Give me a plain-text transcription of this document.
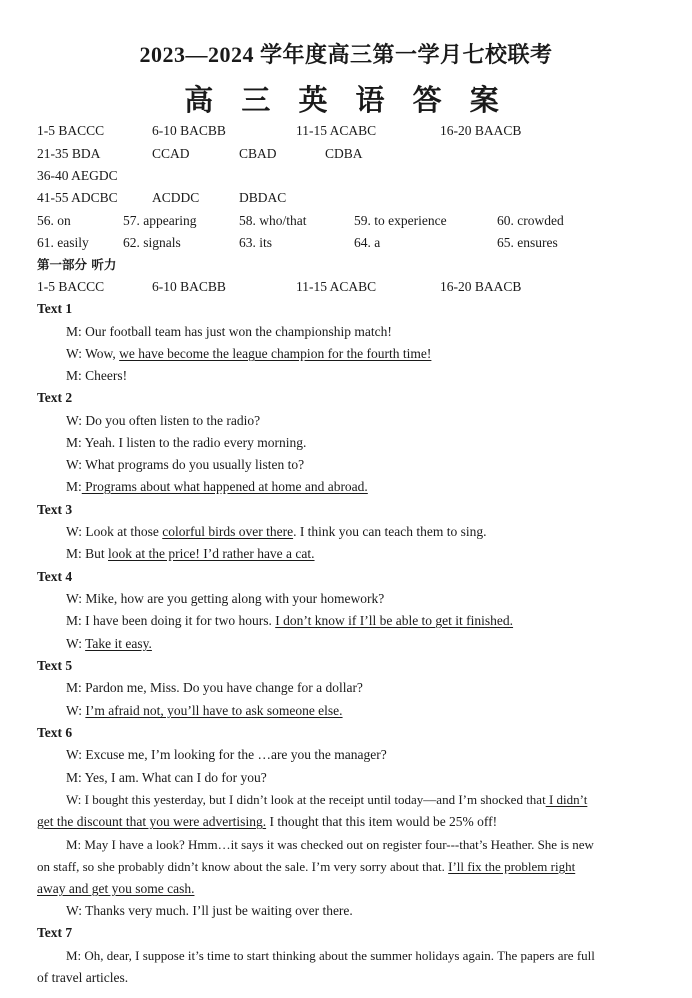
2023—2024 学年度高三第一学月七校联考
高 三 英 语 答 案
1-5 BACCC	6-10 BACBB	11-15 ACABC	16-20 BAACB
21-35 BDA	CCAD	CBAD	CDBA
36-40 AEGDC
41-55 ADCBC	ACDDC	DBDAC
56. on	57. appearing	58. who/that	59. to experience	60. crowded
61. easily	62. signals	63. its	64. a	65. ensures
第一部分 听力
1-5 BACCC	6-10 BACBB	11-15 ACABC	16-20 BAACB
Text 1
M: Our football team has just won the championship match!
W: Wow, we have become the league champion for the fourth time!
M: Cheers!
Text 2
W: Do you often listen to the radio?
M: Yeah. I listen to the radio every morning.
W: What programs do you usually listen to?
M: Programs about what happened at home and abroad.
Text 3
W: Look at those colorful birds over there. I think you can teach them to sing.
M: But look at the price! I’d rather have a cat.
Text 4
W: Mike, how are you getting along with your homework?
M: I have been doing it for two hours. I don’t know if I’ll be able to get it finished.
W: Take it easy.
Text 5
M: Pardon me, Miss. Do you have change for a dollar?
W: I’m afraid not, you’ll have to ask someone else.
Text 6
W: Excuse me, I’m looking for the …are you the manager?
M: Yes, I am. What can I do for you?
W: I bought this yesterday, but I didn’t look at the receipt until today—and I’m shocked that I didn’t
get the discount that you were advertising. I thought that this item would be 25% off!
M: May I have a look? Hmm…it says it was checked out on register four---that’s Heather. She is new
on staff, so she probably didn’t know about the sale. I’m very sorry about that. I’ll fix the problem right
away and get you some cash.
W: Thanks very much. I’ll just be waiting over there.
Text 7
M: Oh, dear, I suppose it’s time to start thinking about the summer holidays again. The papers are full
of travel articles.
